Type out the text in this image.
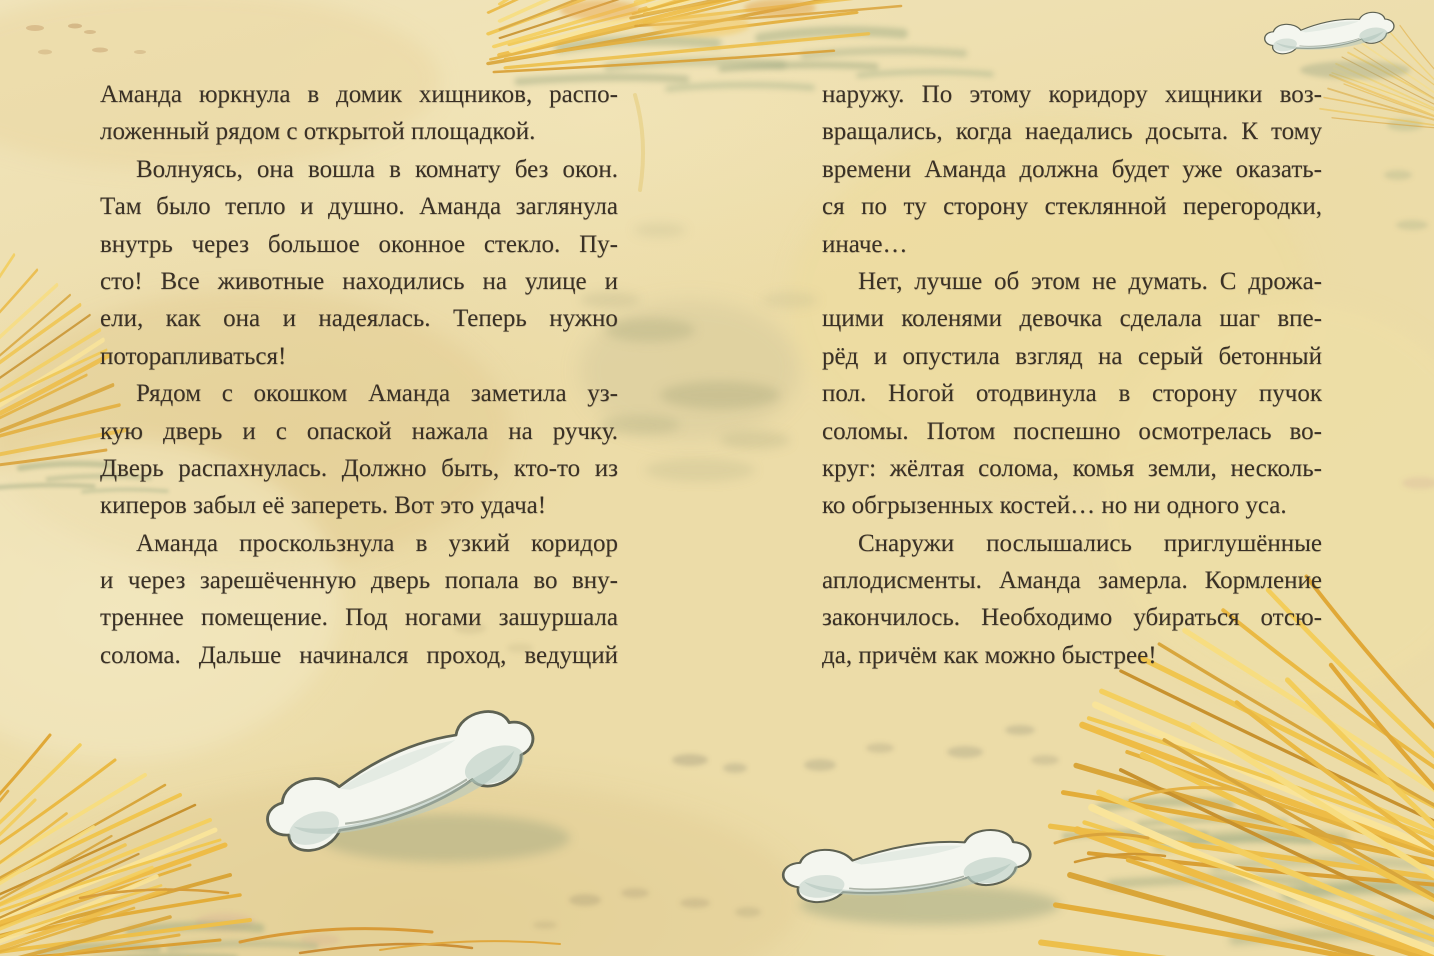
Аманда юркнула в домик хищников, распо-
ложенный рядом с открытой площадкой.
Волнуясь, она вошла в комнату без окон.
Там было тепло и душно. Аманда заглянула
внутрь через большое оконное стекло. Пу-
сто! Все животные находились на улице и
ели, как она и надеялась. Теперь нужно
поторапливаться!
Рядом с окошком Аманда заметила уз-
кую дверь и с опаской нажала на ручку.
Дверь распахнулась. Должно быть, кто-то из
киперов забыл её запереть. Вот это удача!
Аманда проскользнула в узкий коридор
и через зарешёченную дверь попала во вну-
треннее помещение. Под ногами зашуршала
солома. Дальше начинался проход, ведущий
наружу. По этому коридору хищники воз-
вращались, когда наедались досыта. К тому
времени Аманда должна будет уже оказать-
ся по ту сторону стеклянной перегородки,
иначе…
Нет, лучше об этом не думать. С дрожа-
щими коленями девочка сделала шаг впе-
рёд и опустила взгляд на серый бетонный
пол. Ногой отодвинула в сторону пучок
соломы. Потом поспешно осмотрелась во-
круг: жёлтая солома, комья земли, несколь-
ко обгрызенных костей… но ни одного уса.
Снаружи послышались приглушённые
аплодисменты. Аманда замерла. Кормление
закончилось. Необходимо убираться отсю-
да, причём как можно быстрее!
